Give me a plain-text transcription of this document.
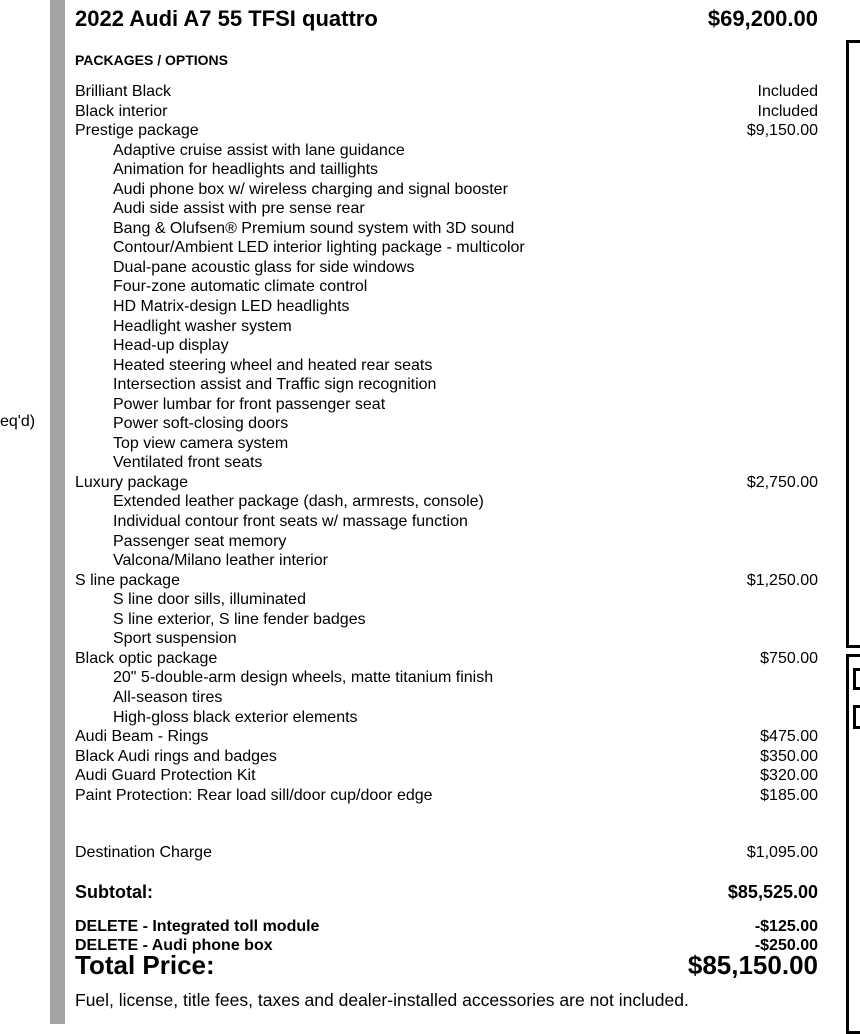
eq'd)
2022 Audi A7 55 TFSI quattro	$69,200.00
PACKAGES / OPTIONS
Brilliant Black	Included
Black interior	Included
Prestige package	$9,150.00
Adaptive cruise assist with lane guidance
Animation for headlights and taillights
Audi phone box w/ wireless charging and signal booster
Audi side assist with pre sense rear
Bang & Olufsen® Premium sound system with 3D sound
Contour/Ambient LED interior lighting package - multicolor
Dual-pane acoustic glass for side windows
Four-zone automatic climate control
HD Matrix-design LED headlights
Headlight washer system
Head-up display
Heated steering wheel and heated rear seats
Intersection assist and Traffic sign recognition
Power lumbar for front passenger seat
Power soft-closing doors
Top view camera system
Ventilated front seats
Luxury package	$2,750.00
Extended leather package (dash, armrests, console)
Individual contour front seats w/ massage function
Passenger seat memory
Valcona/Milano leather interior
S line package	$1,250.00
S line door sills, illuminated
S line exterior, S line fender badges
Sport suspension
Black optic package	$750.00
20" 5-double-arm design wheels, matte titanium finish
All-season tires
High-gloss black exterior elements
Audi Beam - Rings	$475.00
Black Audi rings and badges	$350.00
Audi Guard Protection Kit	$320.00
Paint Protection: Rear load sill/door cup/door edge	$185.00
Destination Charge	$1,095.00
Subtotal:	$85,525.00
DELETE - Integrated toll module	-$125.00
DELETE - Audi phone box	-$250.00
Total Price:	$85,150.00
Fuel, license, title fees, taxes and dealer-installed accessories are not included.
